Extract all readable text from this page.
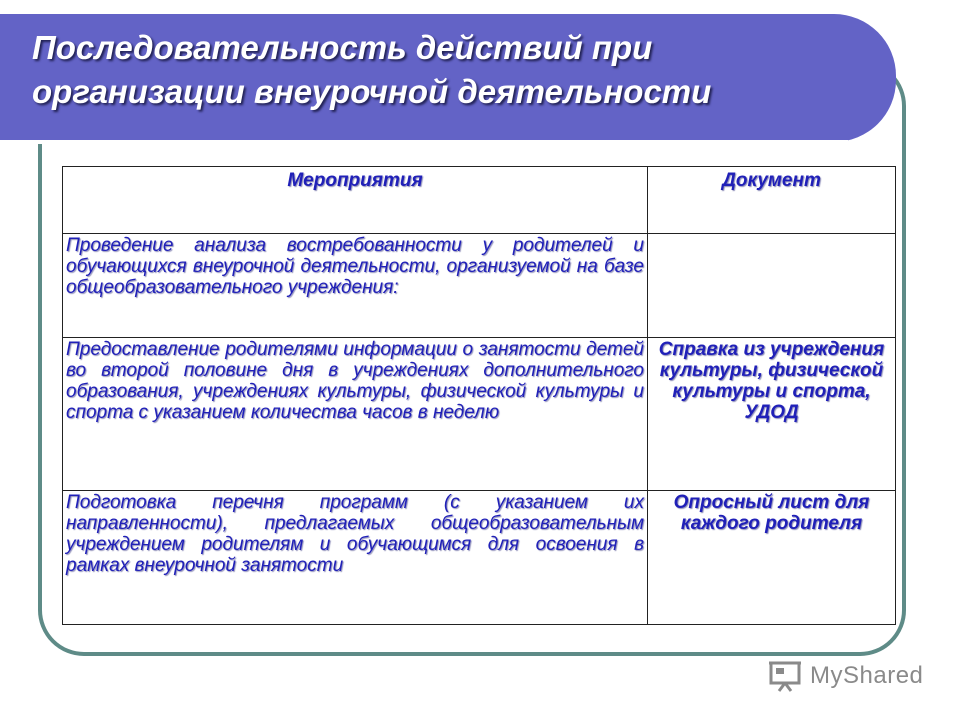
Последовательность действий при организации внеурочной деятельности
Мероприятия	Документ
Проведение анализа востребованности у родителей и обучающихся внеурочной деятельности, организуемой на базе общеобразовательного учреждения:	
Предоставление родителями информации о занятости детей во второй половине дня в учреждениях дополнительного образования, учреждениях культуры, физической культуры и спорта с указанием количества часов в неделю	Справка из учреждения культуры, физической культуры и спорта, УДОД
Подготовка перечня программ (с указанием их направленности), предлагаемых общеобразовательным учреждением родителям и обучающимся для освоения в рамках внеурочной занятости	Опросный лист для каждого родителя
MyShared
